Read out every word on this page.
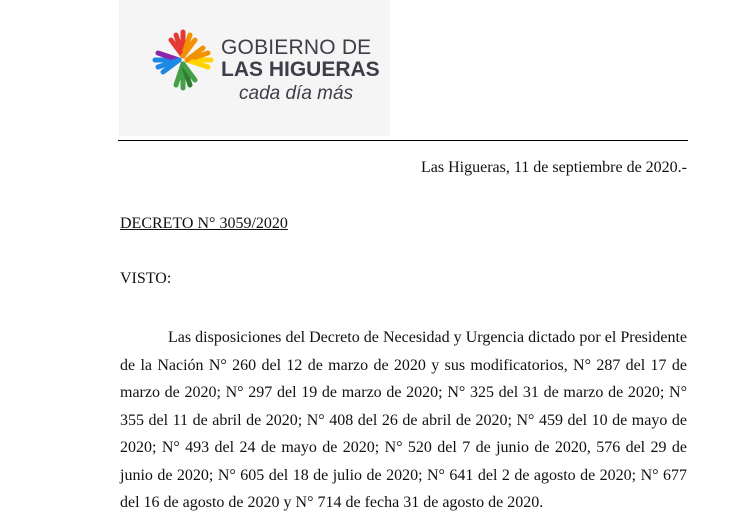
GOBIERNO DE
LAS HIGUERAS
cada día más
Las Higueras, 11 de septiembre de 2020.-
DECRETO N° 3059/2020
VISTO:

Las disposiciones del Decreto de Necesidad y Urgencia dictado por el Presidente de la Nación N° 260 del 12 de marzo de 2020 y sus modificatorios, N° 287 del 17 de marzo de 2020; N° 297 del 19 de marzo de 2020; N° 325 del 31 de marzo de 2020; N° 355 del 11 de abril de 2020; N° 408 del 26 de abril de 2020; N° 459 del 10 de mayo de 2020; N° 493 del 24 de mayo de 2020; N° 520 del 7 de junio de 2020, 576 del 29 de junio de 2020; N° 605 del 18 de julio de 2020; N° 641 del 2 de agosto de 2020; N° 677 del 16 de agosto de 2020 y N° 714 de fecha 31 de agosto de 2020.
